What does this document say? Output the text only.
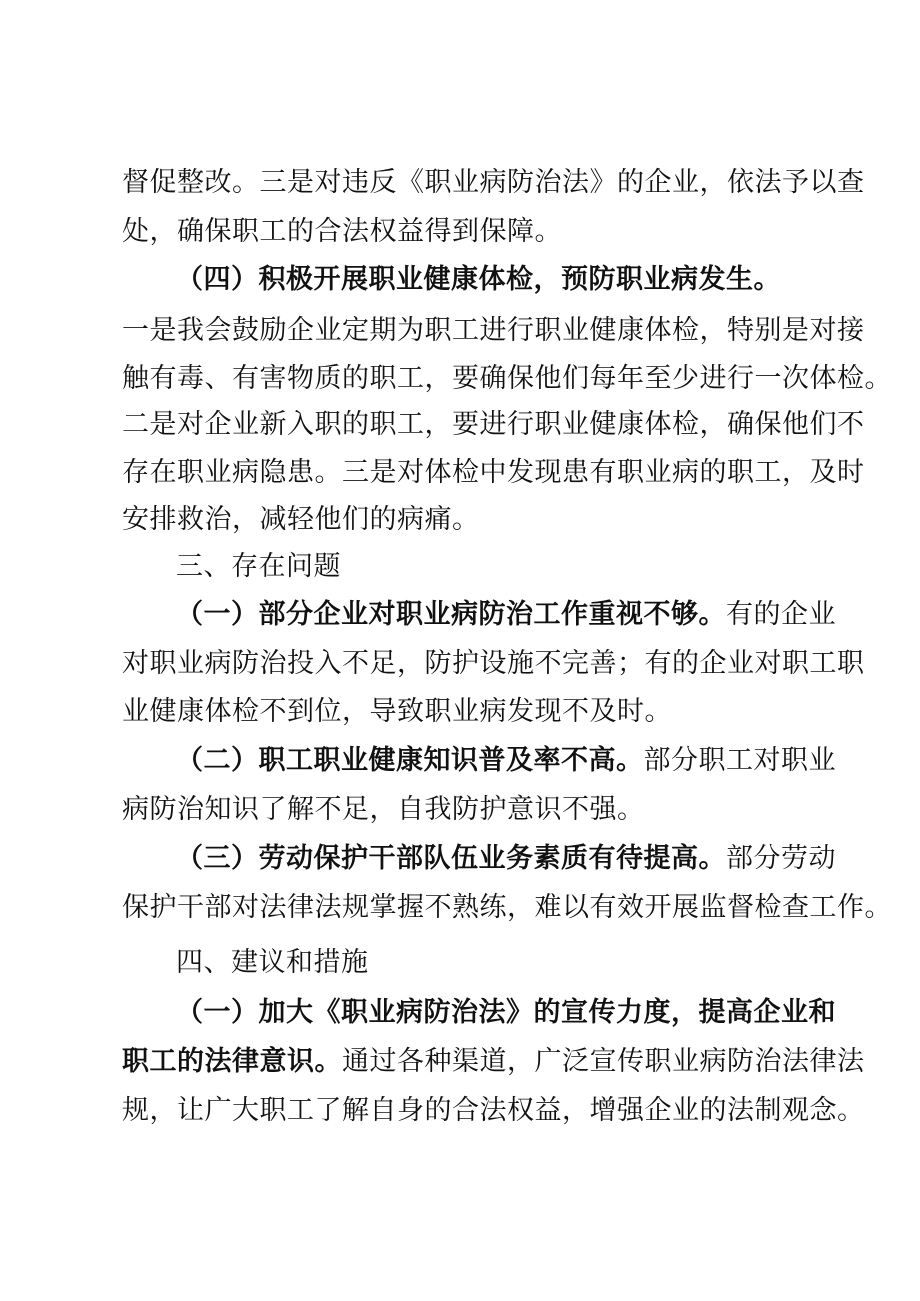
督促整改。三是对违反《职业病防治法》的企业，依法予以查
处，确保职工的合法权益得到保障。
（四）积极开展职业健康体检，预防职业病发生。
一是我会鼓励企业定期为职工进行职业健康体检，特别是对接
触有毒、有害物质的职工，要确保他们每年至少进行一次体检。
二是对企业新入职的职工，要进行职业健康体检，确保他们不
存在职业病隐患。三是对体检中发现患有职业病的职工，及时
安排救治，减轻他们的病痛。
三、存在问题
（一）部分企业对职业病防治工作重视不够。有的企业
对职业病防治投入不足，防护设施不完善；有的企业对职工职
业健康体检不到位，导致职业病发现不及时。
（二）职工职业健康知识普及率不高。部分职工对职业
病防治知识了解不足，自我防护意识不强。
（三）劳动保护干部队伍业务素质有待提高。部分劳动
保护干部对法律法规掌握不熟练，难以有效开展监督检查工作。
四、建议和措施
（一）加大《职业病防治法》的宣传力度，提高企业和
职工的法律意识。通过各种渠道，广泛宣传职业病防治法律法
规，让广大职工了解自身的合法权益，增强企业的法制观念。
